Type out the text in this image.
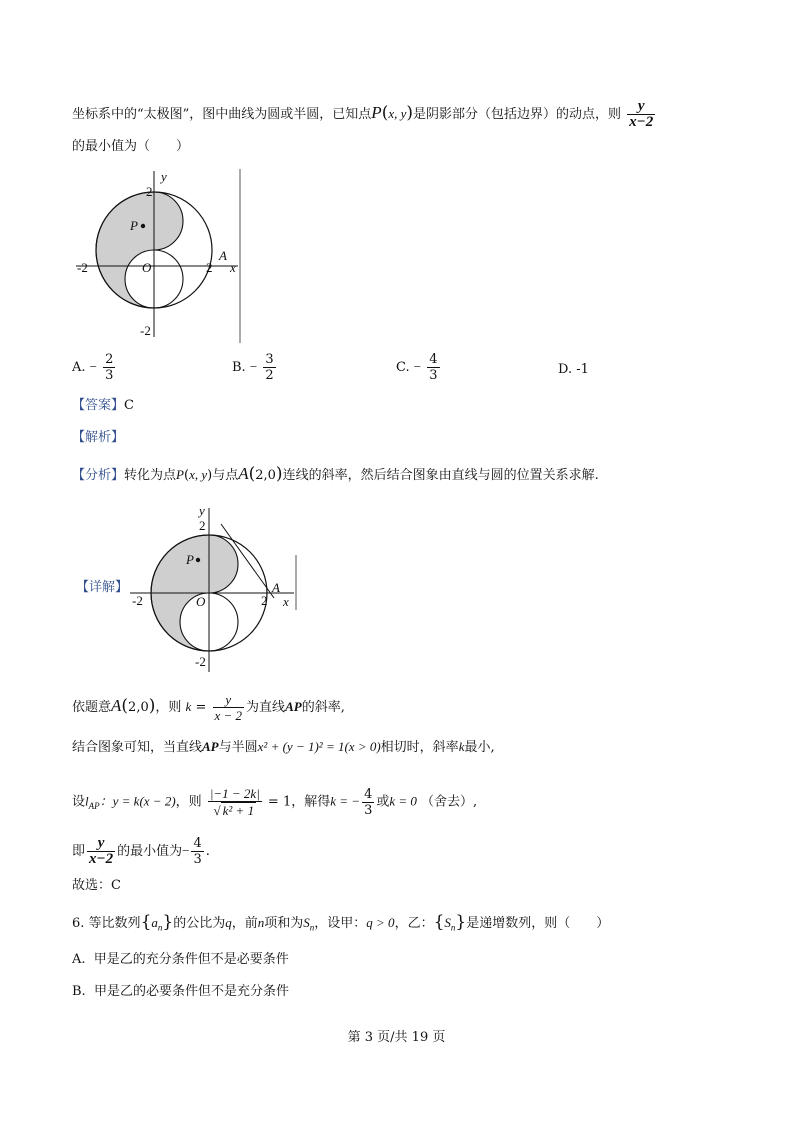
坐标系中的“太极图”，图中曲线为圆或半圆，已知点P(x, y)是阴影部分（包括边界）的动点，则 $\frac{y}{x-2}$
的最小值为（　　）
y
x
P
O
A
2
-2
-2	2
A. − $\frac{2}{3}$	B. − $\frac{3}{2}$	C. − $\frac{4}{3}$	D. -1
【答案】C
【解析】
【分析】转化为点P(x, y)与点A(2,0)连线的斜率，然后结合图象由直线与圆的位置关系求解.
【详解】
y
x
P
O
A
2
-2
-2	2
依题意A(2,0)，则 $k = \frac{y}{x - 2}$ 为直线AP的斜率,
结合图象可知，当直线AP与半圆x² + (y − 1)² = 1(x > 0)相切时，斜率k最小,
设$l_{AP}$：y = k(x − 2)，则 $\frac{|-1 - 2k|}{\text{√ k² + 1}} = 1$，解得k = − $\frac{4}{3}$ 或k = 0 （舍去）,
即 $\frac{y}{x-2}$ 的最小值为− $\frac{4}{3}$ .
故选：C
6. 等比数列$\{a_n\}$的公比为q，前n项和为$S_n$，设甲：q > 0，乙：$\{S_n\}$是递增数列，则（　　）
A. 甲是乙的充分条件但不是必要条件
B. 甲是乙的必要条件但不是充分条件
第 3 页/共 19 页
